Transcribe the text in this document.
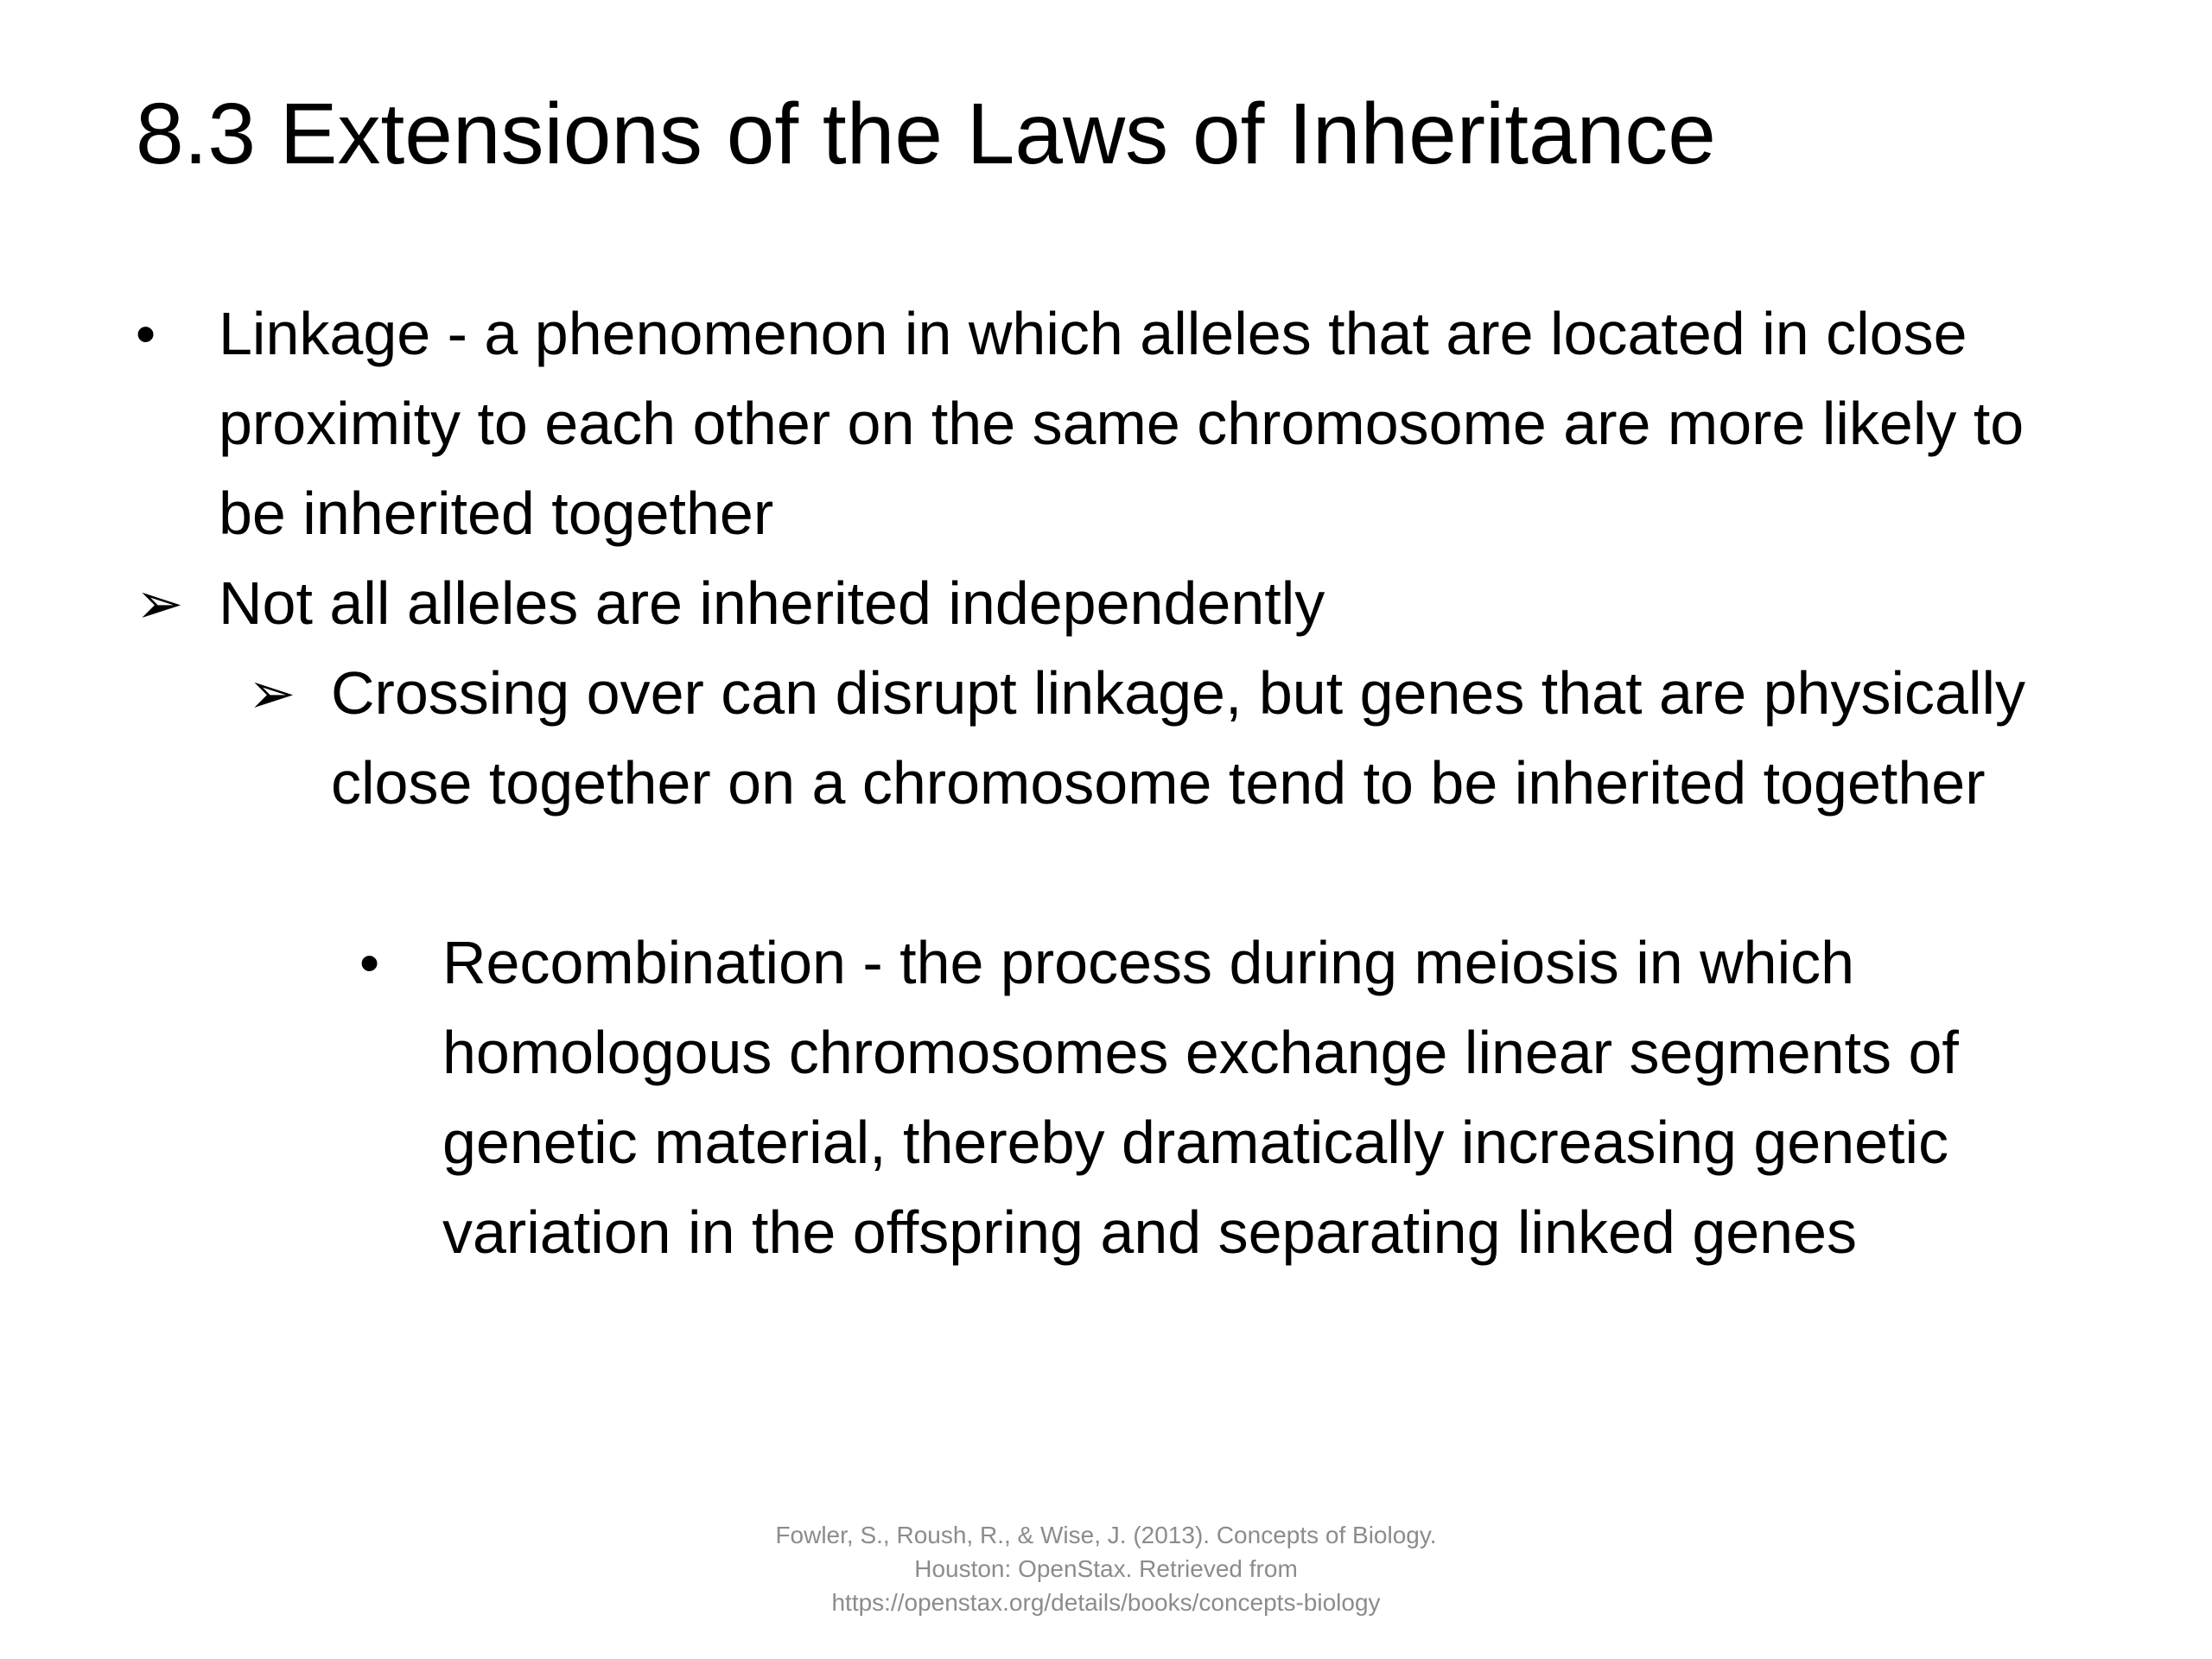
8.3 Extensions of the Laws of Inheritance
• Linkage - a phenomenon in which alleles that are located in close proximity to each other on the same chromosome are more likely to be inherited together
➢ Not all alleles are inherited independently
➢ Crossing over can disrupt linkage, but genes that are physically close together on a chromosome tend to be inherited together
• Recombination - the process during meiosis in which homologous chromosomes exchange linear segments of genetic material, thereby dramatically increasing genetic variation in the offspring and separating linked genes
Fowler, S., Roush, R., & Wise, J. (2013). Concepts of Biology.
Houston: OpenStax. Retrieved from
https://openstax.org/details/books/concepts-biology
